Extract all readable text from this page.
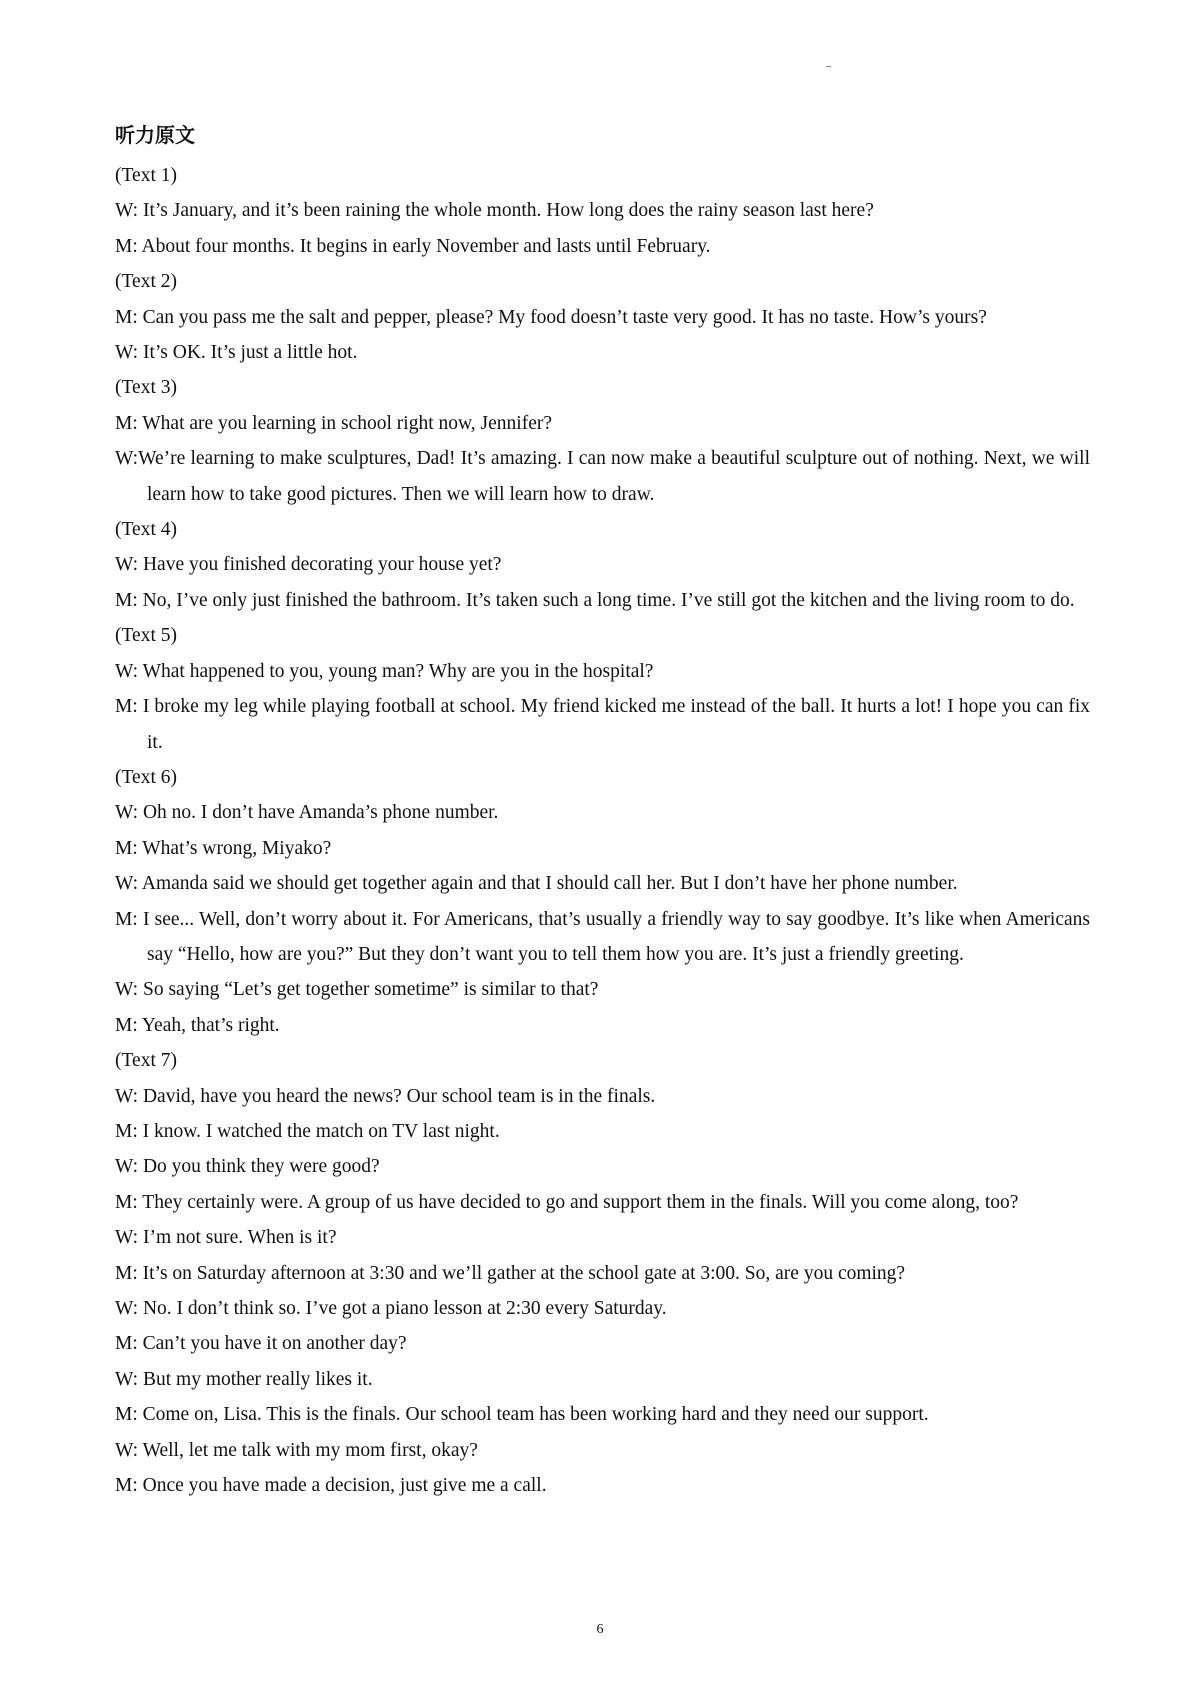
听力原文

(Text 1)

W: It’s January, and it’s been raining the whole month. How long does the rainy season last here?

M: About four months. It begins in early November and lasts until February.

(Text 2)

M: Can you pass me the salt and pepper, please? My food doesn’t taste very good. It has no taste. How’s yours?

W: It’s OK. It’s just a little hot.

(Text 3)

M: What are you learning in school right now, Jennifer?

W:We’re learning to make sculptures, Dad! It’s amazing. I can now make a beautiful sculpture out of nothing. Next, we will learn how to take good pictures. Then we will learn how to draw.

(Text 4)

W: Have you finished decorating your house yet?

M: No, I’ve only just finished the bathroom. It’s taken such a long time. I’ve still got the kitchen and the living room to do.

(Text 5)

W: What happened to you, young man? Why are you in the hospital?

M: I broke my leg while playing football at school. My friend kicked me instead of the ball. It hurts a lot! I hope you can fix it.

(Text 6)

W: Oh no. I don’t have Amanda’s phone number.

M: What’s wrong, Miyako?

W: Amanda said we should get together again and that I should call her. But I don’t have her phone number.

M: I see... Well, don’t worry about it. For Americans, that’s usually a friendly way to say goodbye. It’s like when Americans say “Hello, how are you?” But they don’t want you to tell them how you are. It’s just a friendly greeting.

W: So saying “Let’s get together sometime” is similar to that?

M: Yeah, that’s right.

(Text 7)

W: David, have you heard the news? Our school team is in the finals.

M: I know. I watched the match on TV last night.

W: Do you think they were good?

M: They certainly were. A group of us have decided to go and support them in the finals. Will you come along, too?

W: I’m not sure. When is it?

M: It’s on Saturday afternoon at 3:30 and we’ll gather at the school gate at 3:00. So, are you coming?

W: No. I don’t think so. I’ve got a piano lesson at 2:30 every Saturday.

M: Can’t you have it on another day?

W: But my mother really likes it.

M: Come on, Lisa. This is the finals. Our school team has been working hard and they need our support.

W: Well, let me talk with my mom first, okay?

M: Once you have made a decision, just give me a call.

6
